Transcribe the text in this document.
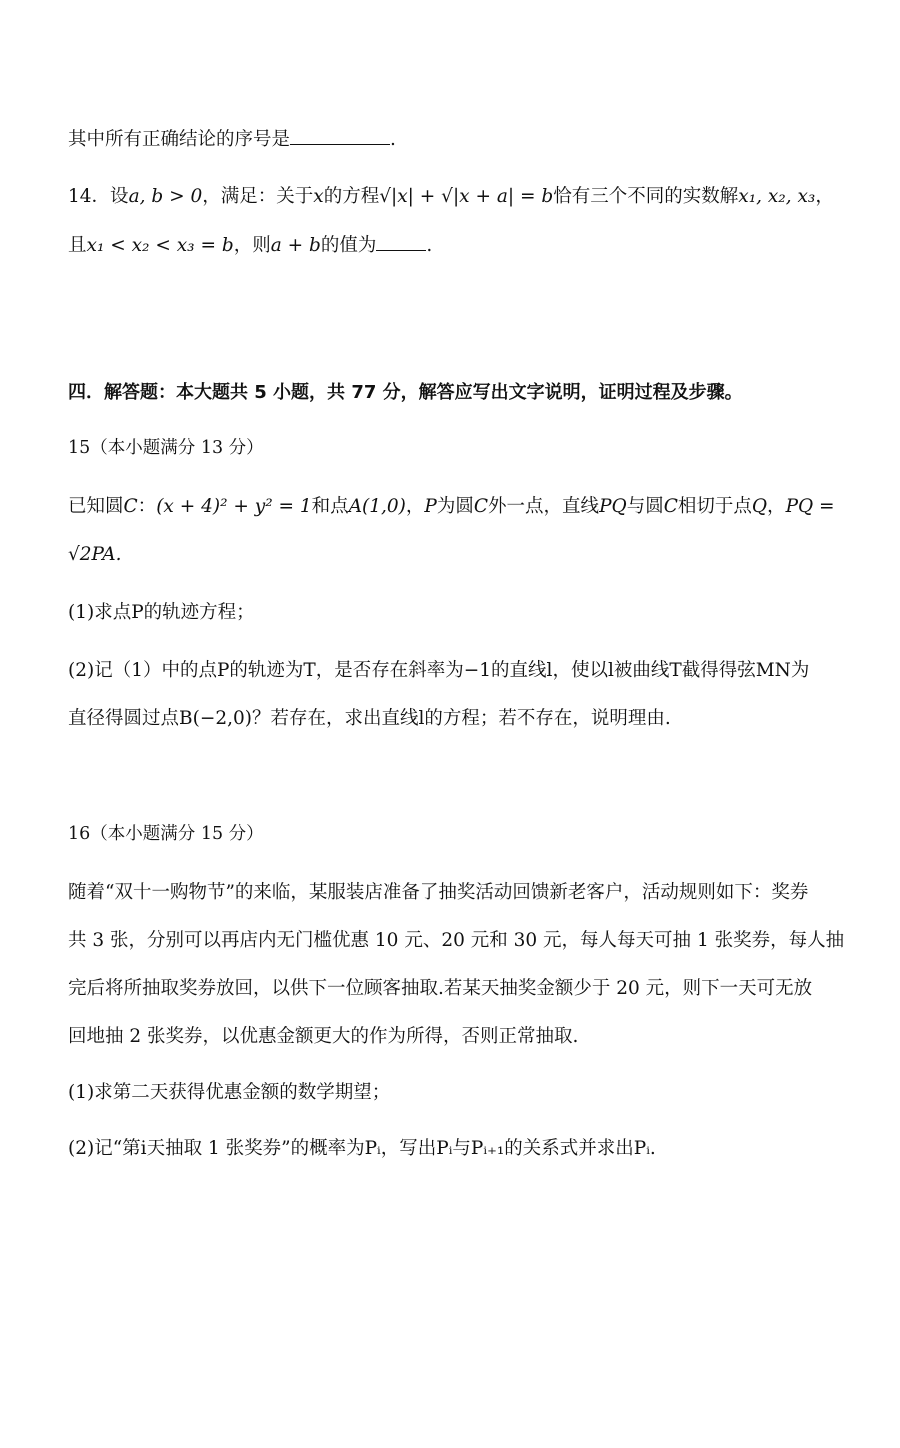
其中所有正确结论的序号是	.
14．设a, b > 0，满足：关于x的方程√|x| + √|x + a| = b恰有三个不同的实数解x₁, x₂, x₃，
且x₁ < x₂ < x₃ = b，则a + b的值为	.
四．解答题：本大题共 5 小题，共 77 分，解答应写出文字说明，证明过程及步骤。
15（本小题满分 13 分）
已知圆C：(x + 4)² + y² = 1和点A(1,0)，P为圆C外一点，直线PQ与圆C相切于点Q，PQ =
√2PA.
(1)求点P的轨迹方程；
(2)记（1）中的点P的轨迹为T，是否存在斜率为−1的直线l，使以l被曲线T截得得弦MN为
直径得圆过点B(−2,0)？若存在，求出直线l的方程；若不存在，说明理由.
16（本小题满分 15 分）
随着“双十一购物节”的来临，某服装店准备了抽奖活动回馈新老客户，活动规则如下：奖券
共 3 张，分别可以再店内无门槛优惠 10 元、20 元和 30 元，每人每天可抽 1 张奖券，每人抽
完后将所抽取奖券放回，以供下一位顾客抽取.若某天抽奖金额少于 20 元，则下一天可无放
回地抽 2 张奖券，以优惠金额更大的作为所得，否则正常抽取.
(1)求第二天获得优惠金额的数学期望；
(2)记“第i天抽取 1 张奖券”的概率为Pᵢ，写出Pᵢ与Pᵢ₊₁的关系式并求出Pᵢ.
